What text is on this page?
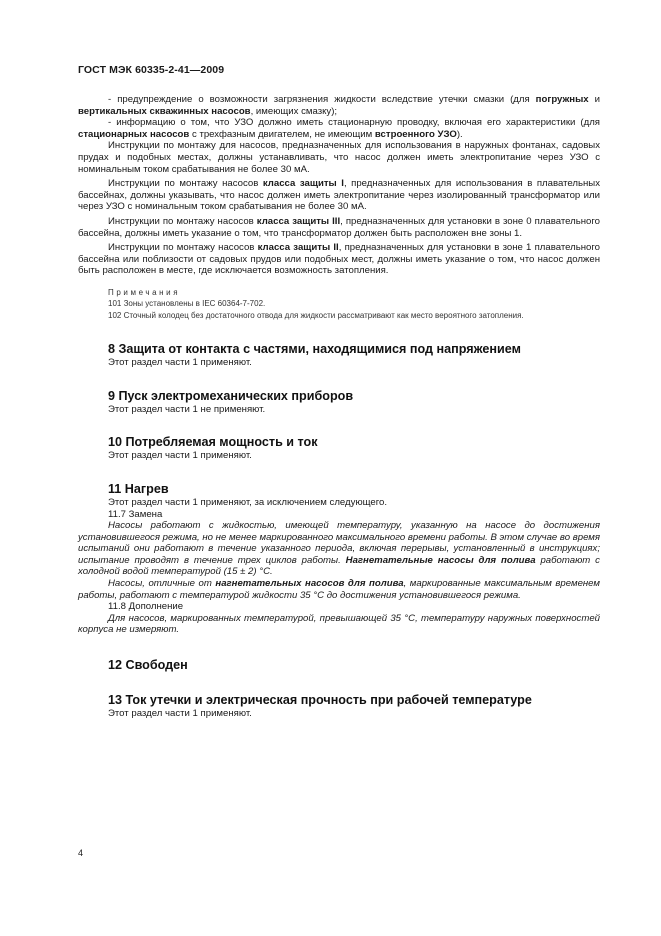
ГОСТ МЭК 60335-2-41—2009

- предупреждение о возможности загрязнения жидкости вследствие утечки смазки (для погружных и вертикальных скважинных насосов, имеющих смазку);

- информацию о том, что УЗО должно иметь стационарную проводку, включая его характеристики (для стационарных насосов с трехфазным двигателем, не имеющим встроенного УЗО).

Инструкции по монтажу для насосов, предназначенных для использования в наружных фонтанах, садовых прудах и подобных местах, должны устанавливать, что насос должен иметь электропитание через УЗО с номинальным током срабатывания не более 30 мА.

Инструкции по монтажу насосов класса защиты I, предназначенных для использования в плавательных бассейнах, должны указывать, что насос должен иметь электропитание через изолированный трансформатор или через УЗО с номинальным током срабатывания не более 30 мА.

Инструкции по монтажу насосов класса защиты III, предназначенных для установки в зоне 0 плавательного бассейна, должны иметь указание о том, что трансформатор должен быть расположен вне зоны 1.

Инструкции по монтажу насосов класса защиты II, предназначенных для установки в зоне 1 плавательного бассейна или поблизости от садовых прудов или подобных мест, должны иметь указание о том, что насос должен быть расположен в месте, где исключается возможность затопления.

Примечания

101 Зоны установлены в IEC 60364-7-702.

102 Сточный колодец без достаточного отвода для жидкости рассматривают как место вероятного затопления.

8 Защита от контакта с частями, находящимися под напряжением

Этот раздел части 1 применяют.

9 Пуск электромеханических приборов

Этот раздел части 1 не применяют.

10 Потребляемая мощность и ток

Этот раздел части 1 применяют.

11 Нагрев

Этот раздел части 1 применяют, за исключением следующего.

11.7 Замена

Насосы работают с жидкостью, имеющей температуру, указанную на насосе до достижения установившегося режима, но не менее маркированного максимального времени работы. В этом случае во время испытаний они работают в течение указанного периода, включая перерывы, установленный в инструкциях; испытание проводят в течение трех циклов работы. Нагнетательные насосы для полива работают с холодной водой температурой (15 ± 2) °С.

Насосы, отличные от нагнетательных насосов для полива, маркированные максимальным временем работы, работают с температурой жидкости 35 °С до достижения установившегося режима.

11.8 Дополнение

Для насосов, маркированных температурой, превышающей 35 °С, температуру наружных поверхностей корпуса не измеряют.

12 Свободен
13 Ток утечки и электрическая прочность при рабочей температуре

Этот раздел части 1 применяют.

4
